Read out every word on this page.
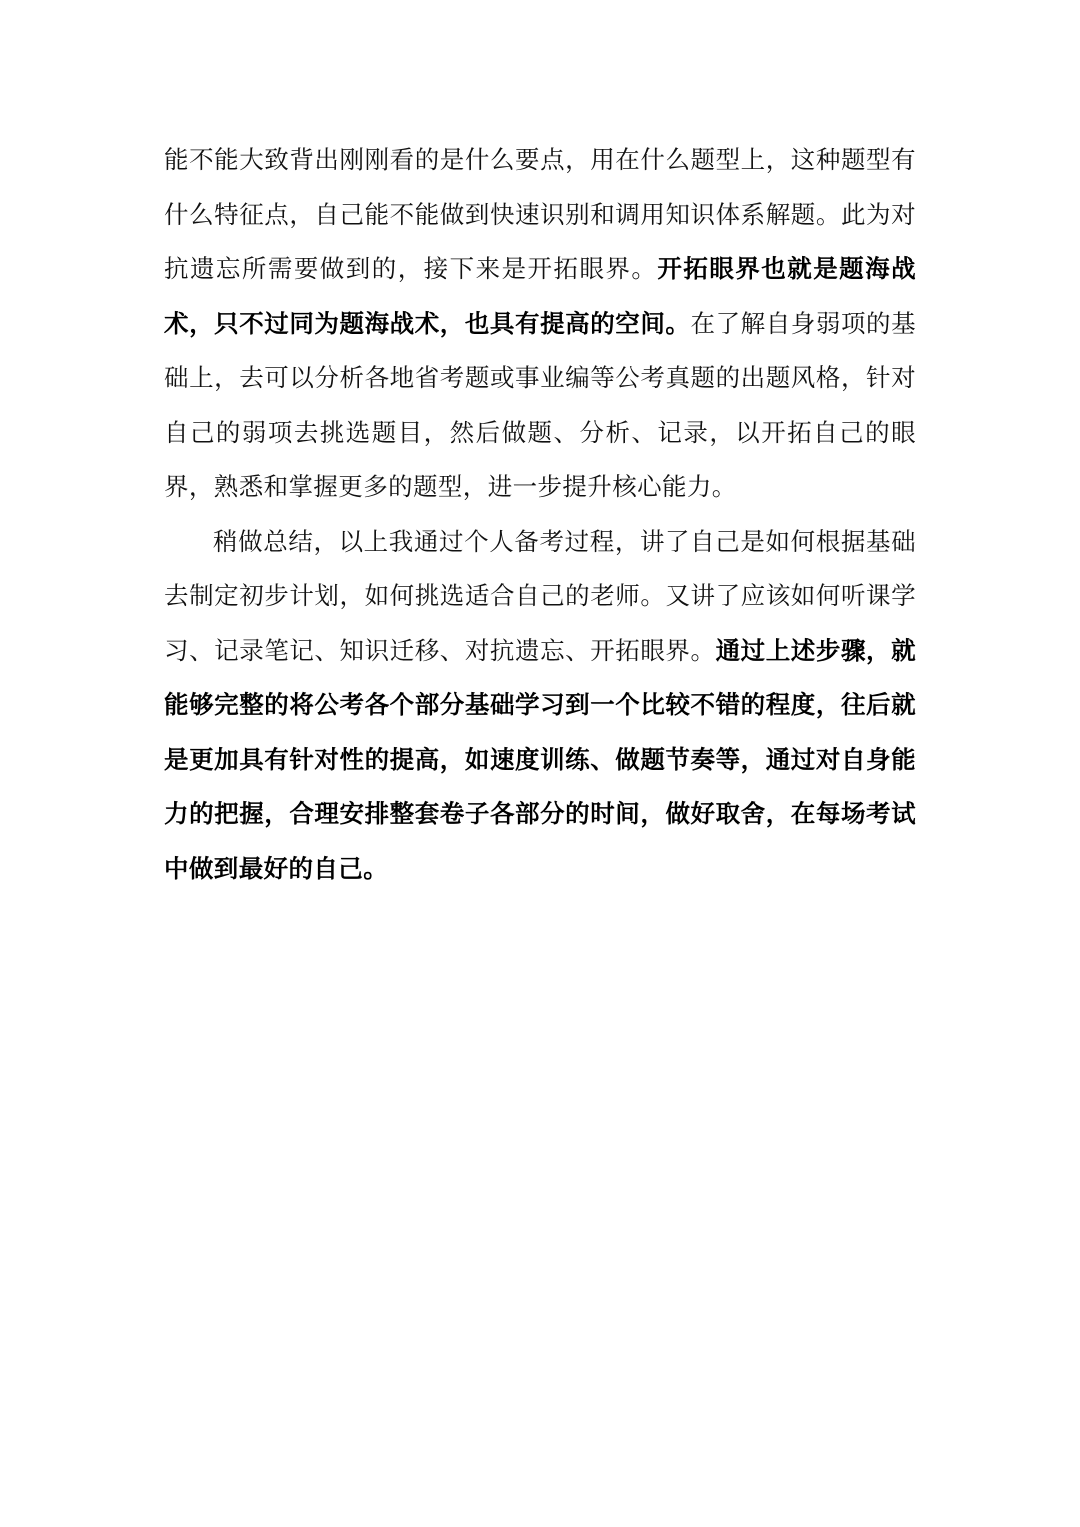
能不能大致背出刚刚看的是什么要点，用在什么题型上，这种题型有什么特征点，自己能不能做到快速识别和调用知识体系解题。此为对抗遗忘所需要做到的，接下来是开拓眼界。开拓眼界也就是题海战术，只不过同为题海战术，也具有提高的空间。在了解自身弱项的基础上，去可以分析各地省考题或事业编等公考真题的出题风格，针对自己的弱项去挑选题目，然后做题、分析、记录，以开拓自己的眼界，熟悉和掌握更多的题型，进一步提升核心能力。

稍做总结，以上我通过个人备考过程，讲了自己是如何根据基础去制定初步计划，如何挑选适合自己的老师。又讲了应该如何听课学习、记录笔记、知识迁移、对抗遗忘、开拓眼界。通过上述步骤，就能够完整的将公考各个部分基础学习到一个比较不错的程度，往后就是更加具有针对性的提高，如速度训练、做题节奏等，通过对自身能力的把握，合理安排整套卷子各部分的时间，做好取舍，在每场考试中做到最好的自己。
